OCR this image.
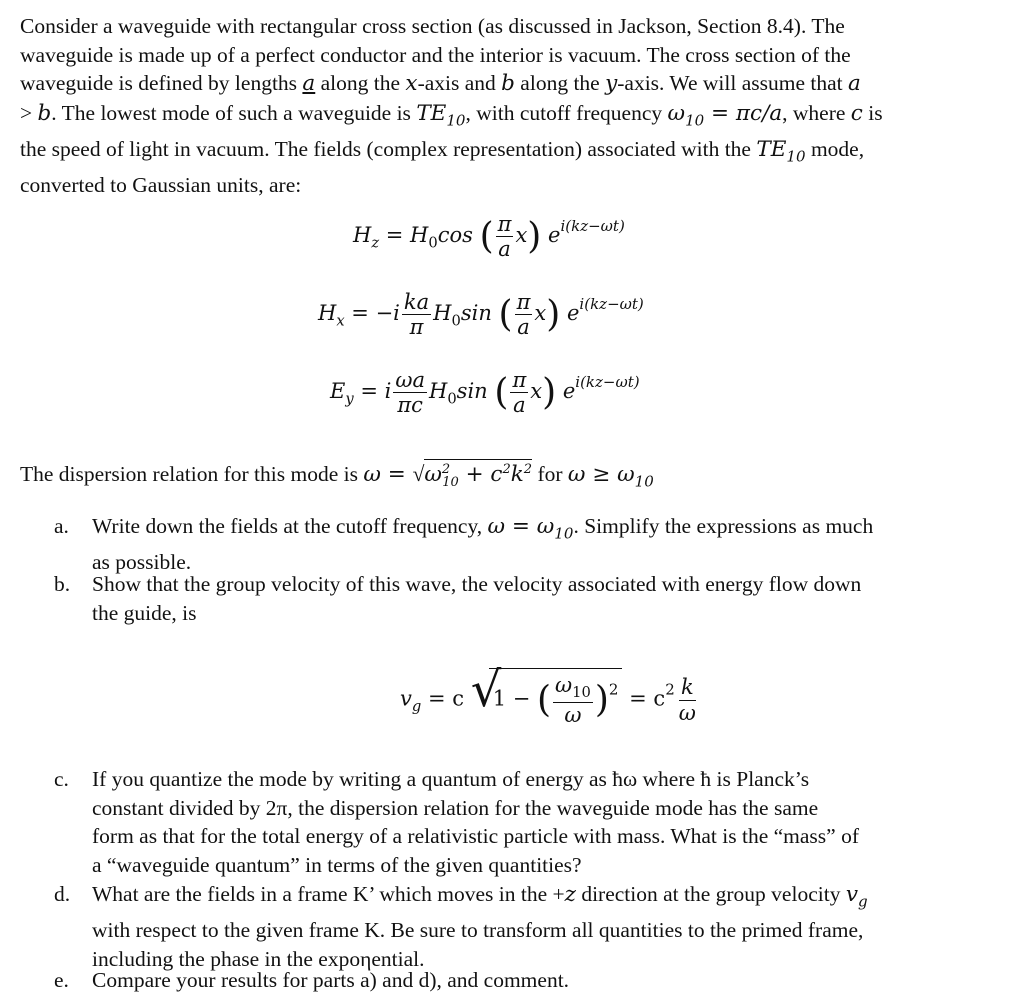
Consider a waveguide with rectangular cross section (as discussed in Jackson, Section 8.4). The
waveguide is made up of a perfect conductor and the interior is vacuum. The cross section of the
waveguide is defined by lengths a along the x-axis and b along the y-axis. We will assume that a
> b. The lowest mode of such a waveguide is $TE_{10}$, with cutoff frequency $\omega_{10} = \pi c/a$, where c is
the speed of light in vacuum. The fields (complex representation) associated with the $TE_{10}$ mode,
converted to Gaussian units, are:
$H_z = H_0\cos$ ( $\frac{\pi}{a} x$) $e^{i(kz-\omega t)}$
$H_x = -i \frac{ka}{\pi} H_0\sin$ ( $\frac{\pi}{a} x$) $e^{i(kz-\omega t)}$
$E_y = i \frac{\omega a}{\pi c} H_0\sin$ ( $\frac{\pi}{a} x$) $e^{i(kz-\omega t)}$
The dispersion relation for this mode is $\omega = √\omega^2_{10} + c^2k^2$ for $\omega \ge \omega_{10}$
a. Write down the fields at the cutoff frequency, $\omega = \omega_{10}$. Simplify the expressions as much
as possible.
b. Show that the group velocity of this wave, the velocity associated with energy flow down
the guide, is
$v_g = c$ √
1 − ( $\frac{\omega_{10}}{\omega} )^2 = c^2 \frac{k}{\omega}$
c. If you quantize the mode by writing a quantum of energy as ħω where ħ is Planck’s
constant divided by 2π, the dispersion relation for the waveguide mode has the same
form as that for the total energy of a relativistic particle with mass. What is the “mass” of
a “waveguide quantum” in terms of the given quantities?
d. What are the fields in a frame K’ which moves in the +z direction at the group velocity $v_g$
with respect to the given frame K. Be sure to transform all quantities to the primed frame,
including the phase in the expoηential.
e. Compare your results for parts a) and d), and comment.
